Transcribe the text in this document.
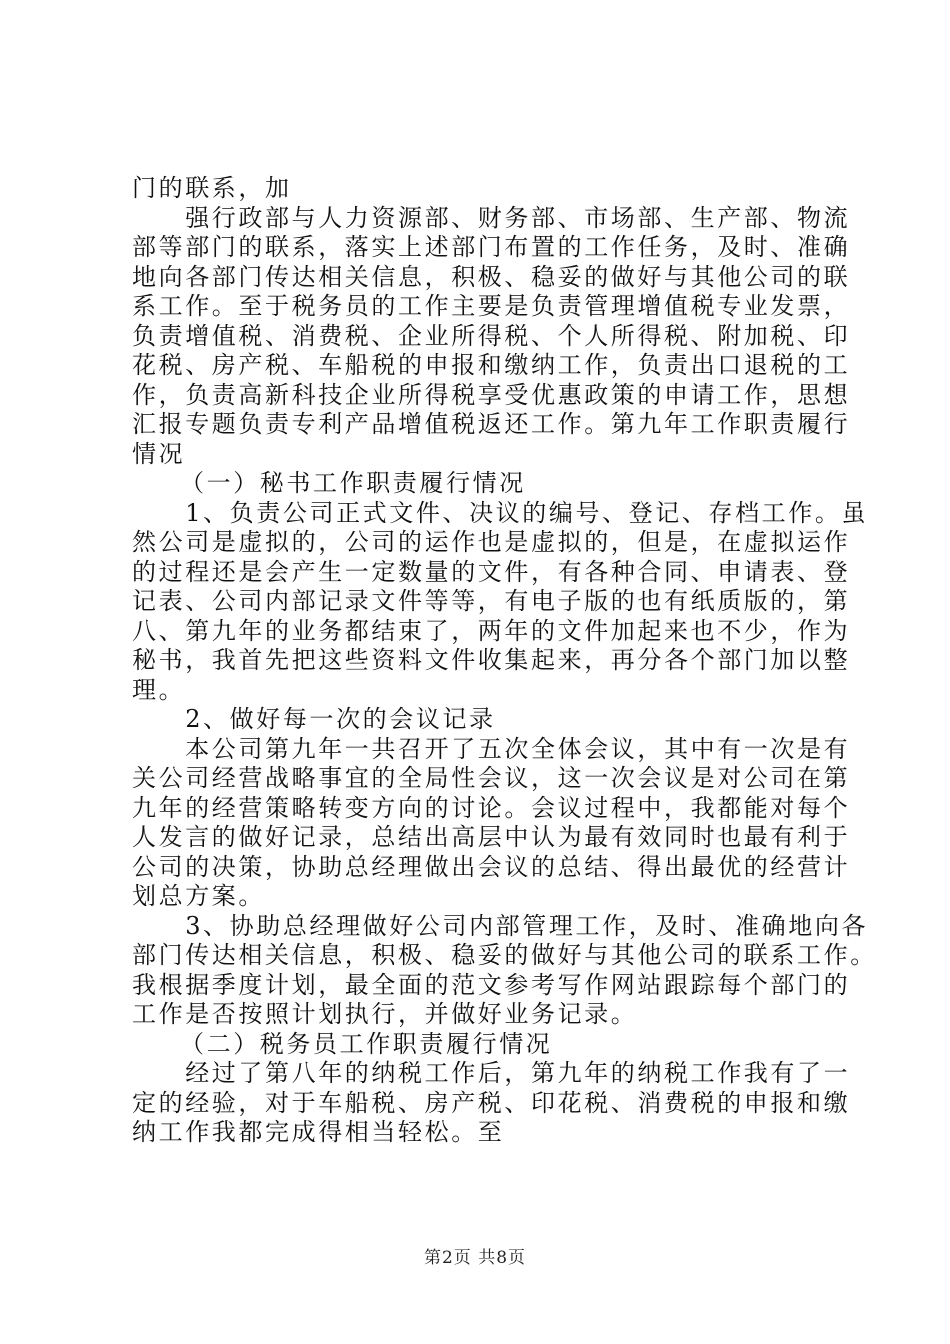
门的联系，加

　　强行政部与人力资源部、财务部、市场部、生产部、物流

部等部门的联系，落实上述部门布置的工作任务，及时、准确

地向各部门传达相关信息，积极、稳妥的做好与其他公司的联

系工作。至于税务员的工作主要是负责管理增值税专业发票，

负责增值税、消费税、企业所得税、个人所得税、附加税、印

花税、房产税、车船税的申报和缴纳工作，负责出口退税的工

作，负责高新科技企业所得税享受优惠政策的申请工作，思想

汇报专题负责专利产品增值税返还工作。第九年工作职责履行

情况

（一）秘书工作职责履行情况

　　1、负责公司正式文件、决议的编号、登记、存档工作。虽

然公司是虚拟的，公司的运作也是虚拟的，但是，在虚拟运作

的过程还是会产生一定数量的文件，有各种合同、申请表、登

记表、公司内部记录文件等等，有电子版的也有纸质版的，第

八、第九年的业务都结束了，两年的文件加起来也不少，作为

秘书，我首先把这些资料文件收集起来，再分各个部门加以整

理。

　　2、做好每一次的会议记录

　　本公司第九年一共召开了五次全体会议，其中有一次是有

关公司经营战略事宜的全局性会议，这一次会议是对公司在第

九年的经营策略转变方向的讨论。会议过程中，我都能对每个

人发言的做好记录，总结出高层中认为最有效同时也最有利于

公司的决策，协助总经理做出会议的总结、得出最优的经营计

划总方案。

　　3、协助总经理做好公司内部管理工作，及时、准确地向各

部门传达相关信息，积极、稳妥的做好与其他公司的联系工作。

我根据季度计划，最全面的范文参考写作网站跟踪每个部门的

工作是否按照计划执行，并做好业务记录。

（二）税务员工作职责履行情况

　　经过了第八年的纳税工作后，第九年的纳税工作我有了一

定的经验，对于车船税、房产税、印花税、消费税的申报和缴

纳工作我都完成得相当轻松。至

第2页 共8页
